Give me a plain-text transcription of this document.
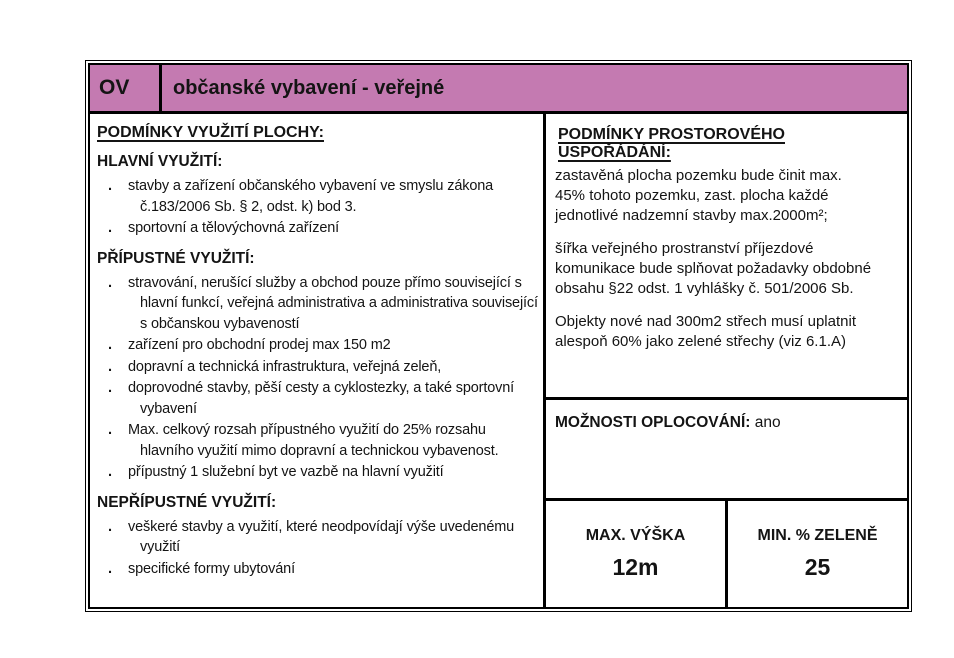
OV občanské vybavení - veřejné
PODMÍNKY VYUŽITÍ PLOCHY:
HLAVNÍ VYUŽITÍ:
. stavby a zařízení občanského vybavení ve smyslu zákona č.183/2006 Sb. § 2, odst. k) bod 3.
. sportovní a tělovýchovná zařízení
PŘÍPUSTNÉ VYUŽITÍ:
. stravování, nerušící služby a obchod pouze přímo související s hlavní funkcí, veřejná administrativa a administrativa související s občanskou vybaveností
. zařízení pro obchodní prodej max 150 m2
. dopravní a technická infrastruktura, veřejná zeleň,
. doprovodné stavby, pěší cesty a cyklostezky, a také sportovní vybavení
. Max. celkový rozsah přípustného využití do 25% rozsahu hlavního využití mimo dopravní a technickou vybavenost.
. přípustný 1 služební byt ve vazbě na hlavní využití
NEPŘÍPUSTNÉ VYUŽITÍ:
. veškeré stavby a využití, které neodpovídají výše uvedenému využití
. specifické formy ubytování
PODMÍNKY PROSTOROVÉHO USPOŘÁDÁNÍ:
zastavěná plocha pozemku bude činit max. 45% tohoto pozemku, zast. plocha každé jednotlivé nadzemní stavby max.2000m²;
šířka veřejného prostranství příjezdové komunikace bude splňovat požadavky obdobné obsahu §22 odst. 1 vyhlášky č. 501/2006 Sb.
Objekty nové nad 300m2 střech musí uplatnit alespoň 60% jako zelené střechy (viz 6.1.A)
MOŽNOSTI OPLOCOVÁNÍ: ano
MAX. VÝŠKA
12m
MIN. % ZELENĚ
25
